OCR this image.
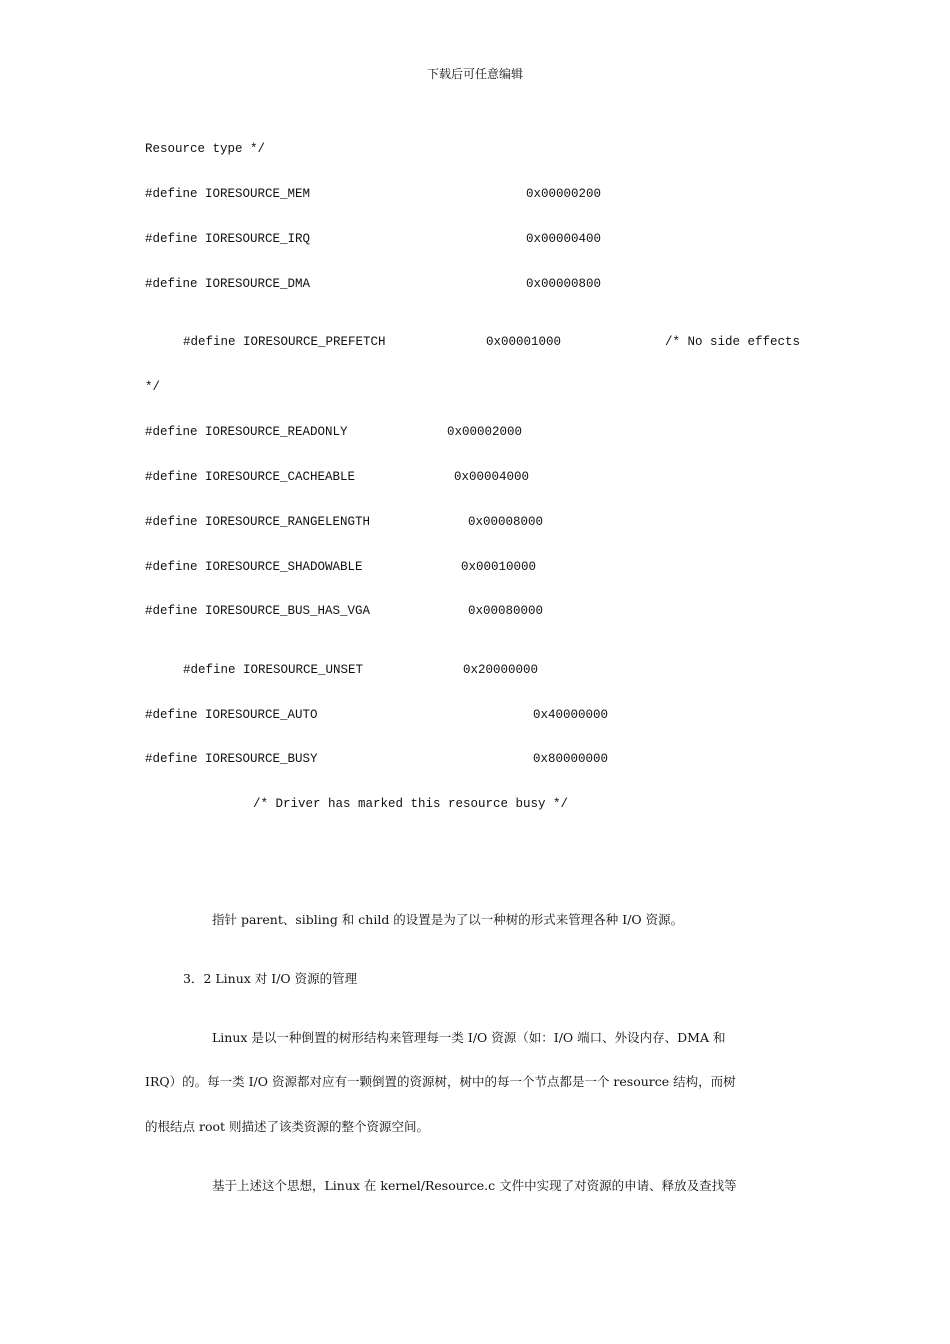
下载后可任意编辑
Resource type */
#define IORESOURCE_MEM	0x00000200
#define IORESOURCE_IRQ	0x00000400
#define IORESOURCE_DMA	0x00000800
#define IORESOURCE_PREFETCH	0x00001000	/* No side effects
*/
#define IORESOURCE_READONLY	0x00002000
#define IORESOURCE_CACHEABLE	0x00004000
#define IORESOURCE_RANGELENGTH	0x00008000
#define IORESOURCE_SHADOWABLE	0x00010000
#define IORESOURCE_BUS_HAS_VGA	0x00080000
#define IORESOURCE_UNSET	0x20000000
#define IORESOURCE_AUTO	0x40000000
#define IORESOURCE_BUSY	0x80000000
/* Driver has marked this resource busy */
指针 parent、sibling 和 child 的设置是为了以一种树的形式来管理各种 I/O 资源。
3．2 Linux 对 I/O 资源的管理
Linux 是以一种倒置的树形结构来管理每一类 I/O 资源（如：I/O 端口、外设内存、DMA 和
IRQ）的。每一类 I/O 资源都对应有一颗倒置的资源树，树中的每一个节点都是一个 resource 结构，而树
的根结点 root 则描述了该类资源的整个资源空间。
基于上述这个思想，Linux 在 kernel/Resource.c 文件中实现了对资源的申请、释放及查找等
